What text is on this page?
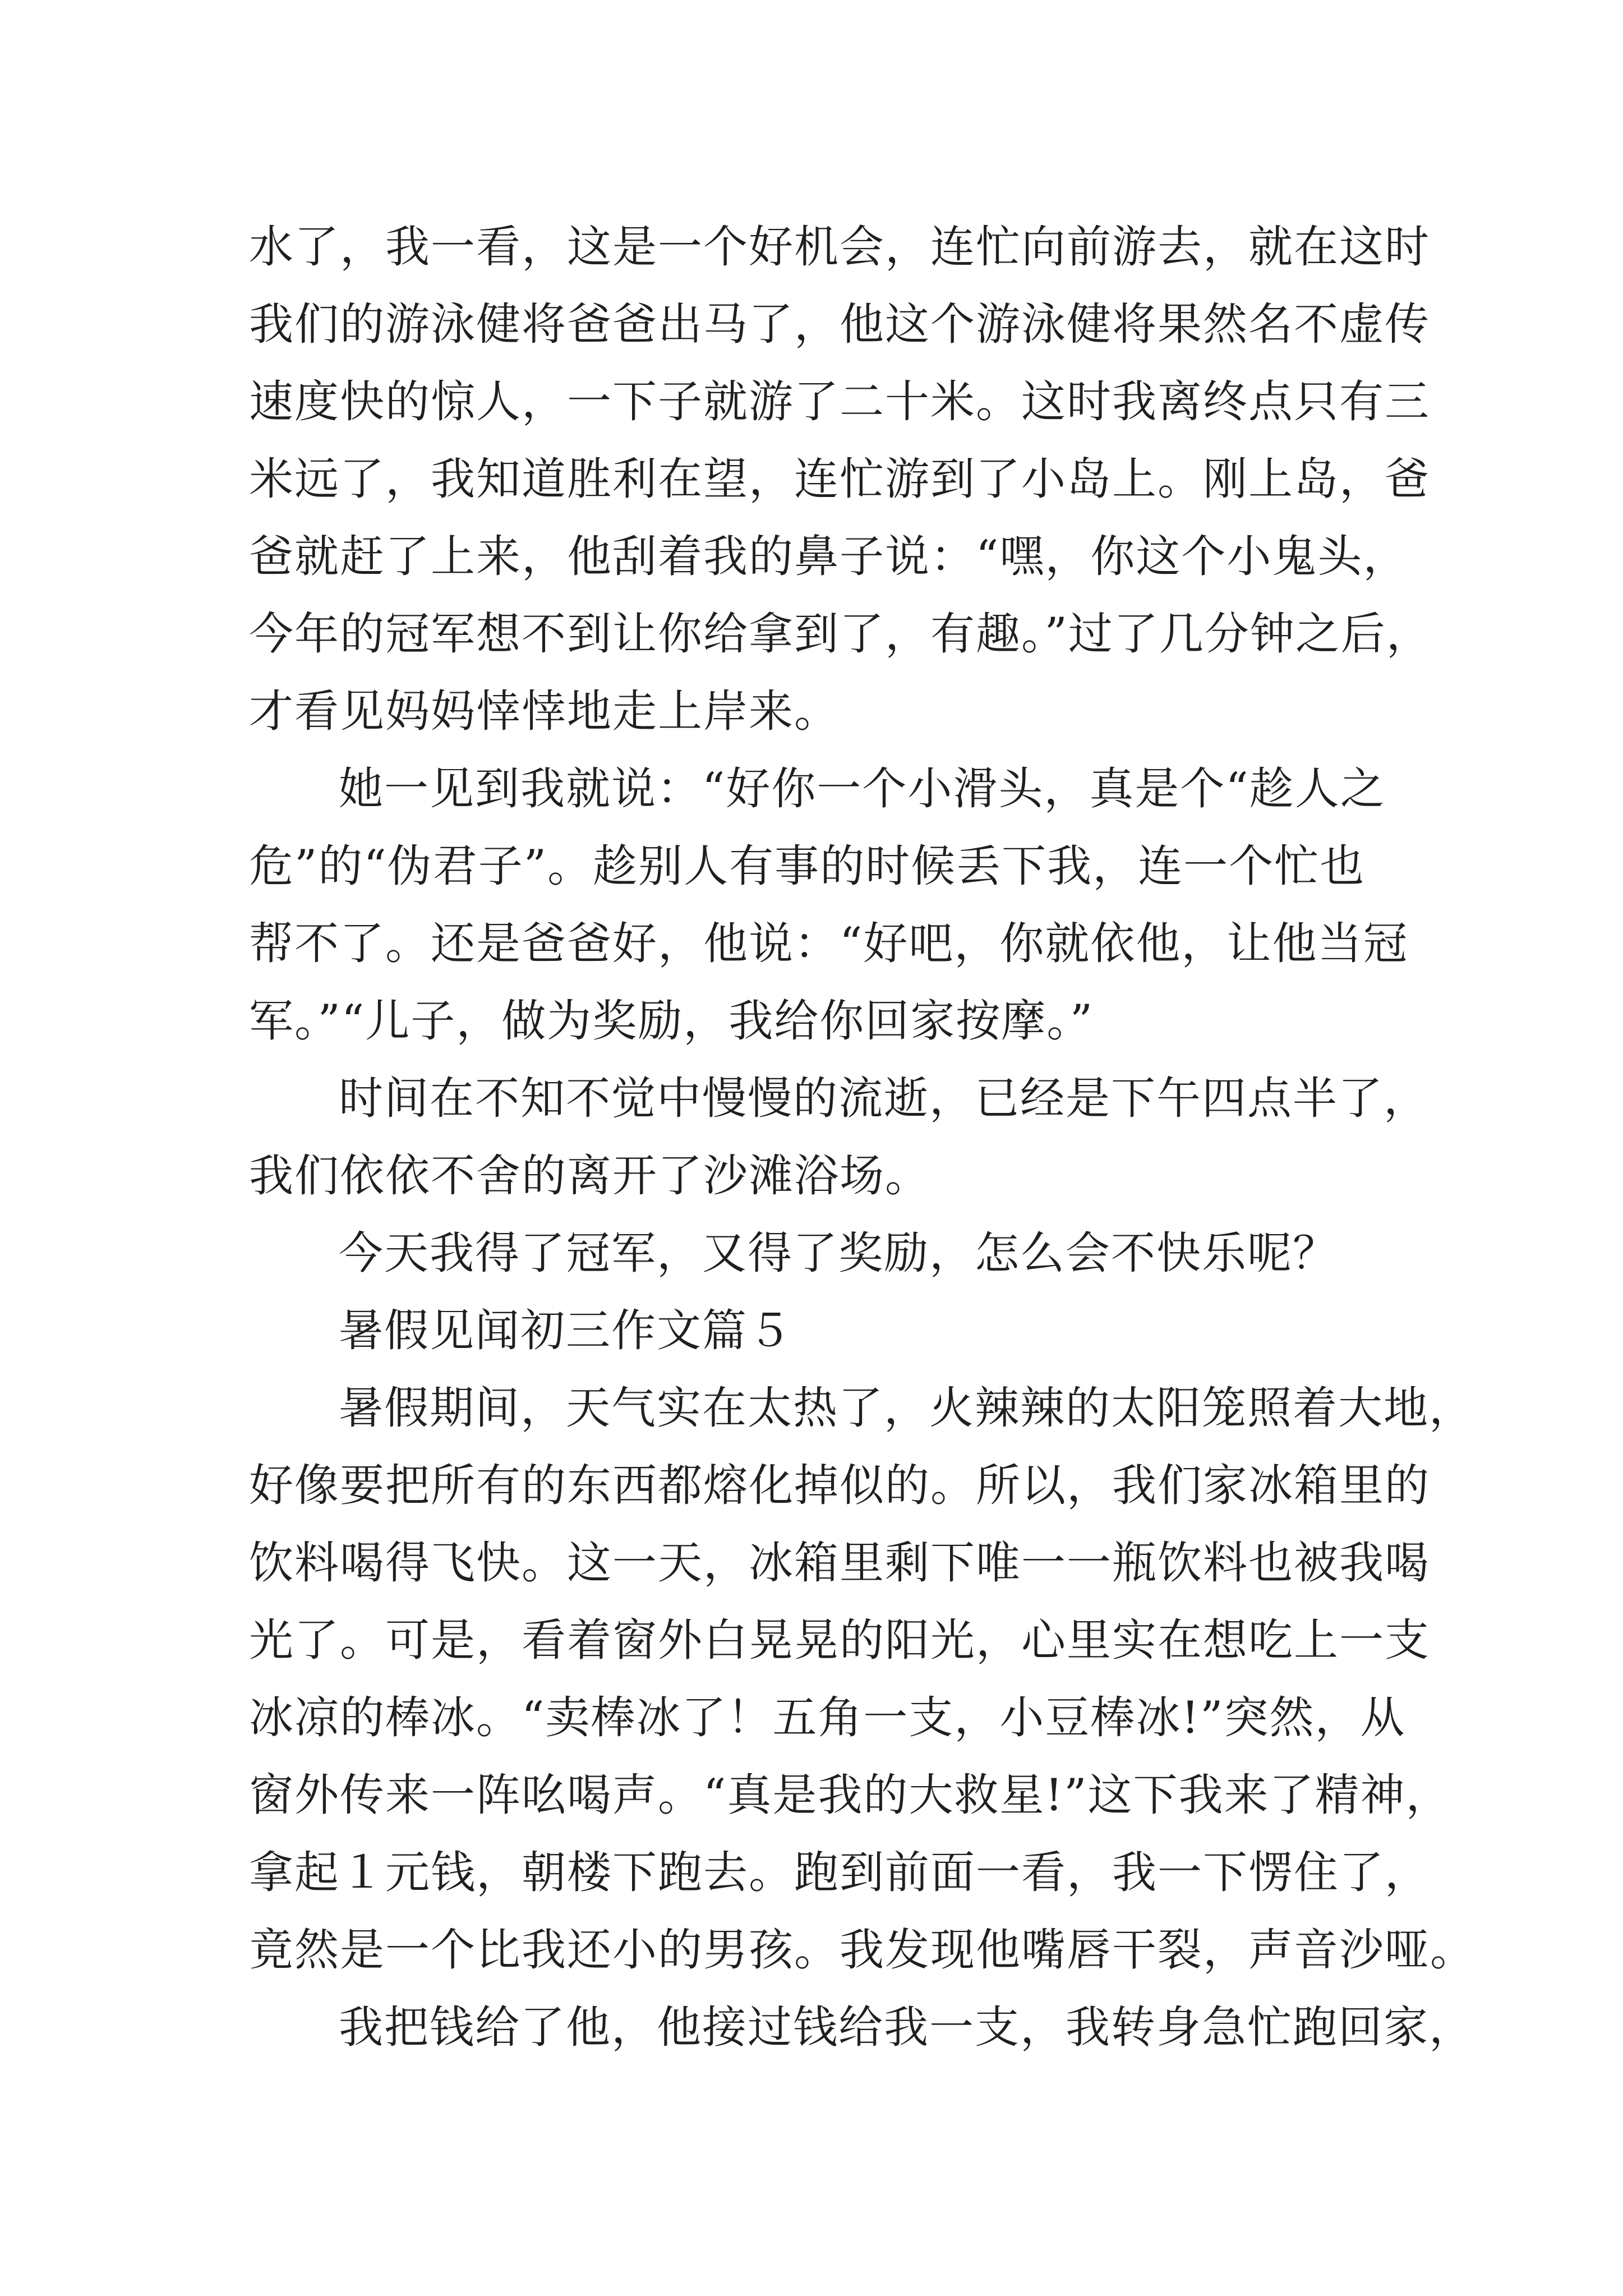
水了，我一看，这是一个好机会，连忙向前游去，就在这时
我们的游泳健将爸爸出马了，他这个游泳健将果然名不虚传
速度快的惊人，一下子就游了二十米。这时我离终点只有三
米远了，我知道胜利在望，连忙游到了小岛上。刚上岛，爸
爸就赶了上来，他刮着我的鼻子说：“嘿，你这个小鬼头，
今年的冠军想不到让你给拿到了，有趣。”过了几分钟之后，
才看见妈妈悻悻地走上岸来。
她一见到我就说：“好你一个小滑头，真是个“趁人之
危”的“伪君子”。趁别人有事的时候丢下我，连一个忙也
帮不了。还是爸爸好，他说：“好吧，你就依他，让他当冠
军。”“儿子，做为奖励，我给你回家按摩。”
时间在不知不觉中慢慢的流逝，已经是下午四点半了，
我们依依不舍的离开了沙滩浴场。
今天我得了冠军，又得了奖励，怎么会不快乐呢？
暑假见闻初三作文篇５
暑假期间，天气实在太热了，火辣辣的太阳笼照着大地，
好像要把所有的东西都熔化掉似的。所以，我们家冰箱里的
饮料喝得飞快。这一天，冰箱里剩下唯一一瓶饮料也被我喝
光了。可是，看着窗外白晃晃的阳光，心里实在想吃上一支
冰凉的棒冰。“卖棒冰了！五角一支，小豆棒冰!”突然，从
窗外传来一阵吆喝声。“真是我的大救星!”这下我来了精神，
拿起１元钱，朝楼下跑去。跑到前面一看，我一下愣住了，
竟然是一个比我还小的男孩。我发现他嘴唇干裂，声音沙哑。
我把钱给了他，他接过钱给我一支，我转身急忙跑回家，
